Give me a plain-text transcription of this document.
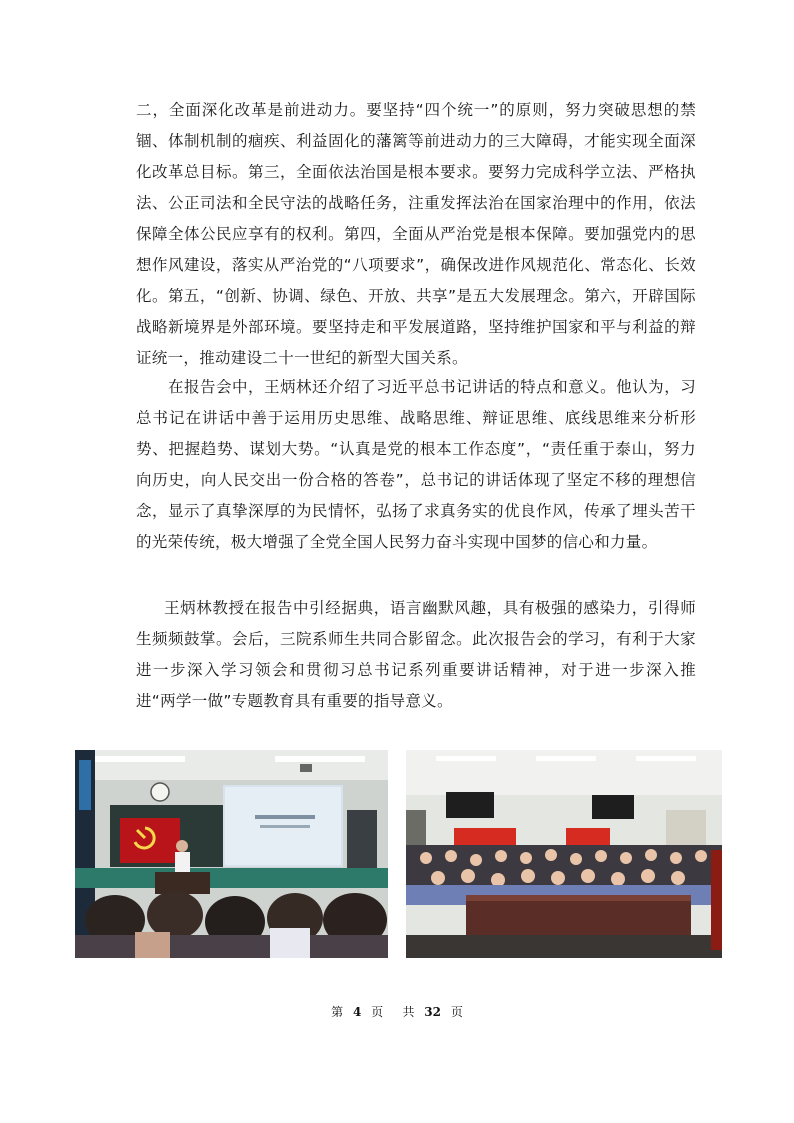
二，全面深化改革是前进动力。要坚持“四个统一”的原则，努力突破思想的禁锢、体制机制的痼疾、利益固化的藩篱等前进动力的三大障碍，才能实现全面深化改革总目标。第三，全面依法治国是根本要求。要努力完成科学立法、严格执法、公正司法和全民守法的战略任务，注重发挥法治在国家治理中的作用，依法保障全体公民应享有的权利。第四，全面从严治党是根本保障。要加强党内的思想作风建设，落实从严治党的“八项要求”，确保改进作风规范化、常态化、长效化。第五，“创新、协调、绿色、开放、共享”是五大发展理念。第六，开辟国际战略新境界是外部环境。要坚持走和平发展道路，坚持维护国家和平与利益的辩证统一，推动建设二十一世纪的新型大国关系。

在报告会中，王炳林还介绍了习近平总书记讲话的特点和意义。他认为，习总书记在讲话中善于运用历史思维、战略思维、辩证思维、底线思维来分析形势、把握趋势、谋划大势。“认真是党的根本工作态度”，“责任重于泰山，努力向历史，向人民交出一份合格的答卷”，总书记的讲话体现了坚定不移的理想信念，显示了真挚深厚的为民情怀，弘扬了求真务实的优良作风，传承了埋头苦干的光荣传统，极大增强了全党全国人民努力奋斗实现中国梦的信心和力量。

王炳林教授在报告中引经据典，语言幽默风趣，具有极强的感染力，引得师生频频鼓掌。会后，三院系师生共同合影留念。此次报告会的学习，有利于大家进一步深入学习领会和贯彻习总书记系列重要讲话精神，对于进一步深入推进“两学一做”专题教育具有重要的指导意义。

第 4 页 共 32 页
